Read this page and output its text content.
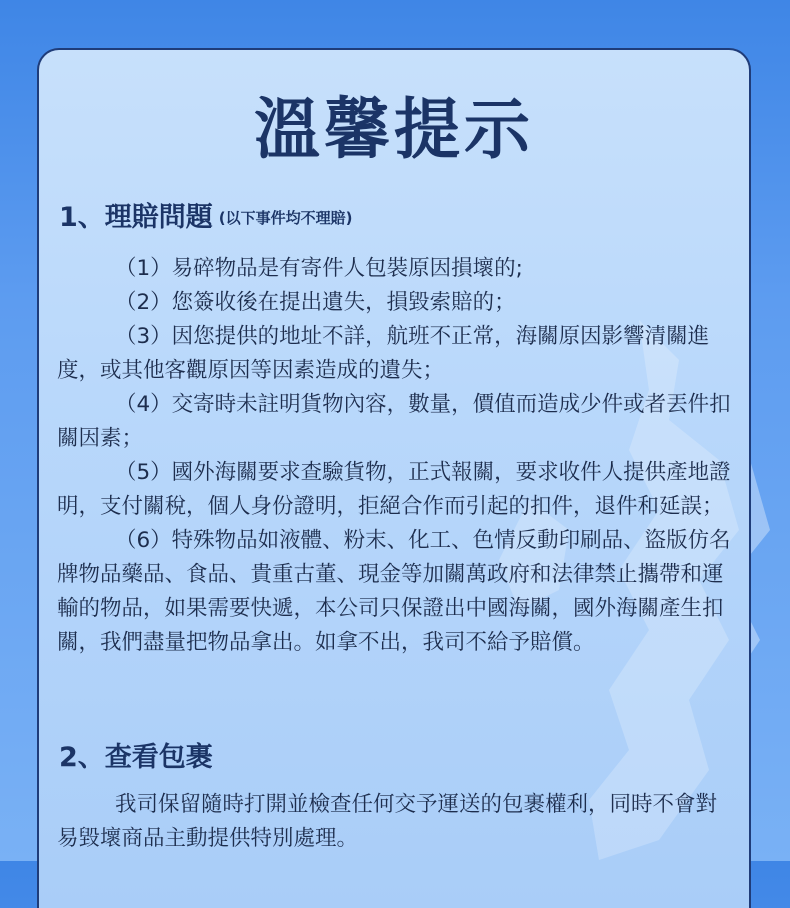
溫馨提示
1、理賠問題 (以下事件均不理賠)

（1）易碎物品是有寄件人包裝原因損壞的;

（2）您簽收後在提出遺失，損毀索賠的；

（3）因您提供的地址不詳，航班不正常，海關原因影響清關進度，或其他客觀原因等因素造成的遺失；

（4）交寄時未註明貨物內容，數量，價值而造成少件或者丟件扣關因素；

（5）國外海關要求查驗貨物，正式報關，要求收件人提供產地證明，支付關稅，個人身份證明，拒絕合作而引起的扣件，退件和延誤；

（6）特殊物品如液體、粉末、化工、色情反動印刷品、盜版仿名牌物品藥品、食品、貴重古董、現金等加關萬政府和法律禁止攜帶和運輸的物品，如果需要快遞，本公司只保證出中國海關，國外海關產生扣關，我們盡量把物品拿出。如拿不出，我司不給予賠償。

2、查看包裹

我司保留隨時打開並檢查任何交予運送的包裹權利，同時不會對易毀壞商品主動提供特別處理。
